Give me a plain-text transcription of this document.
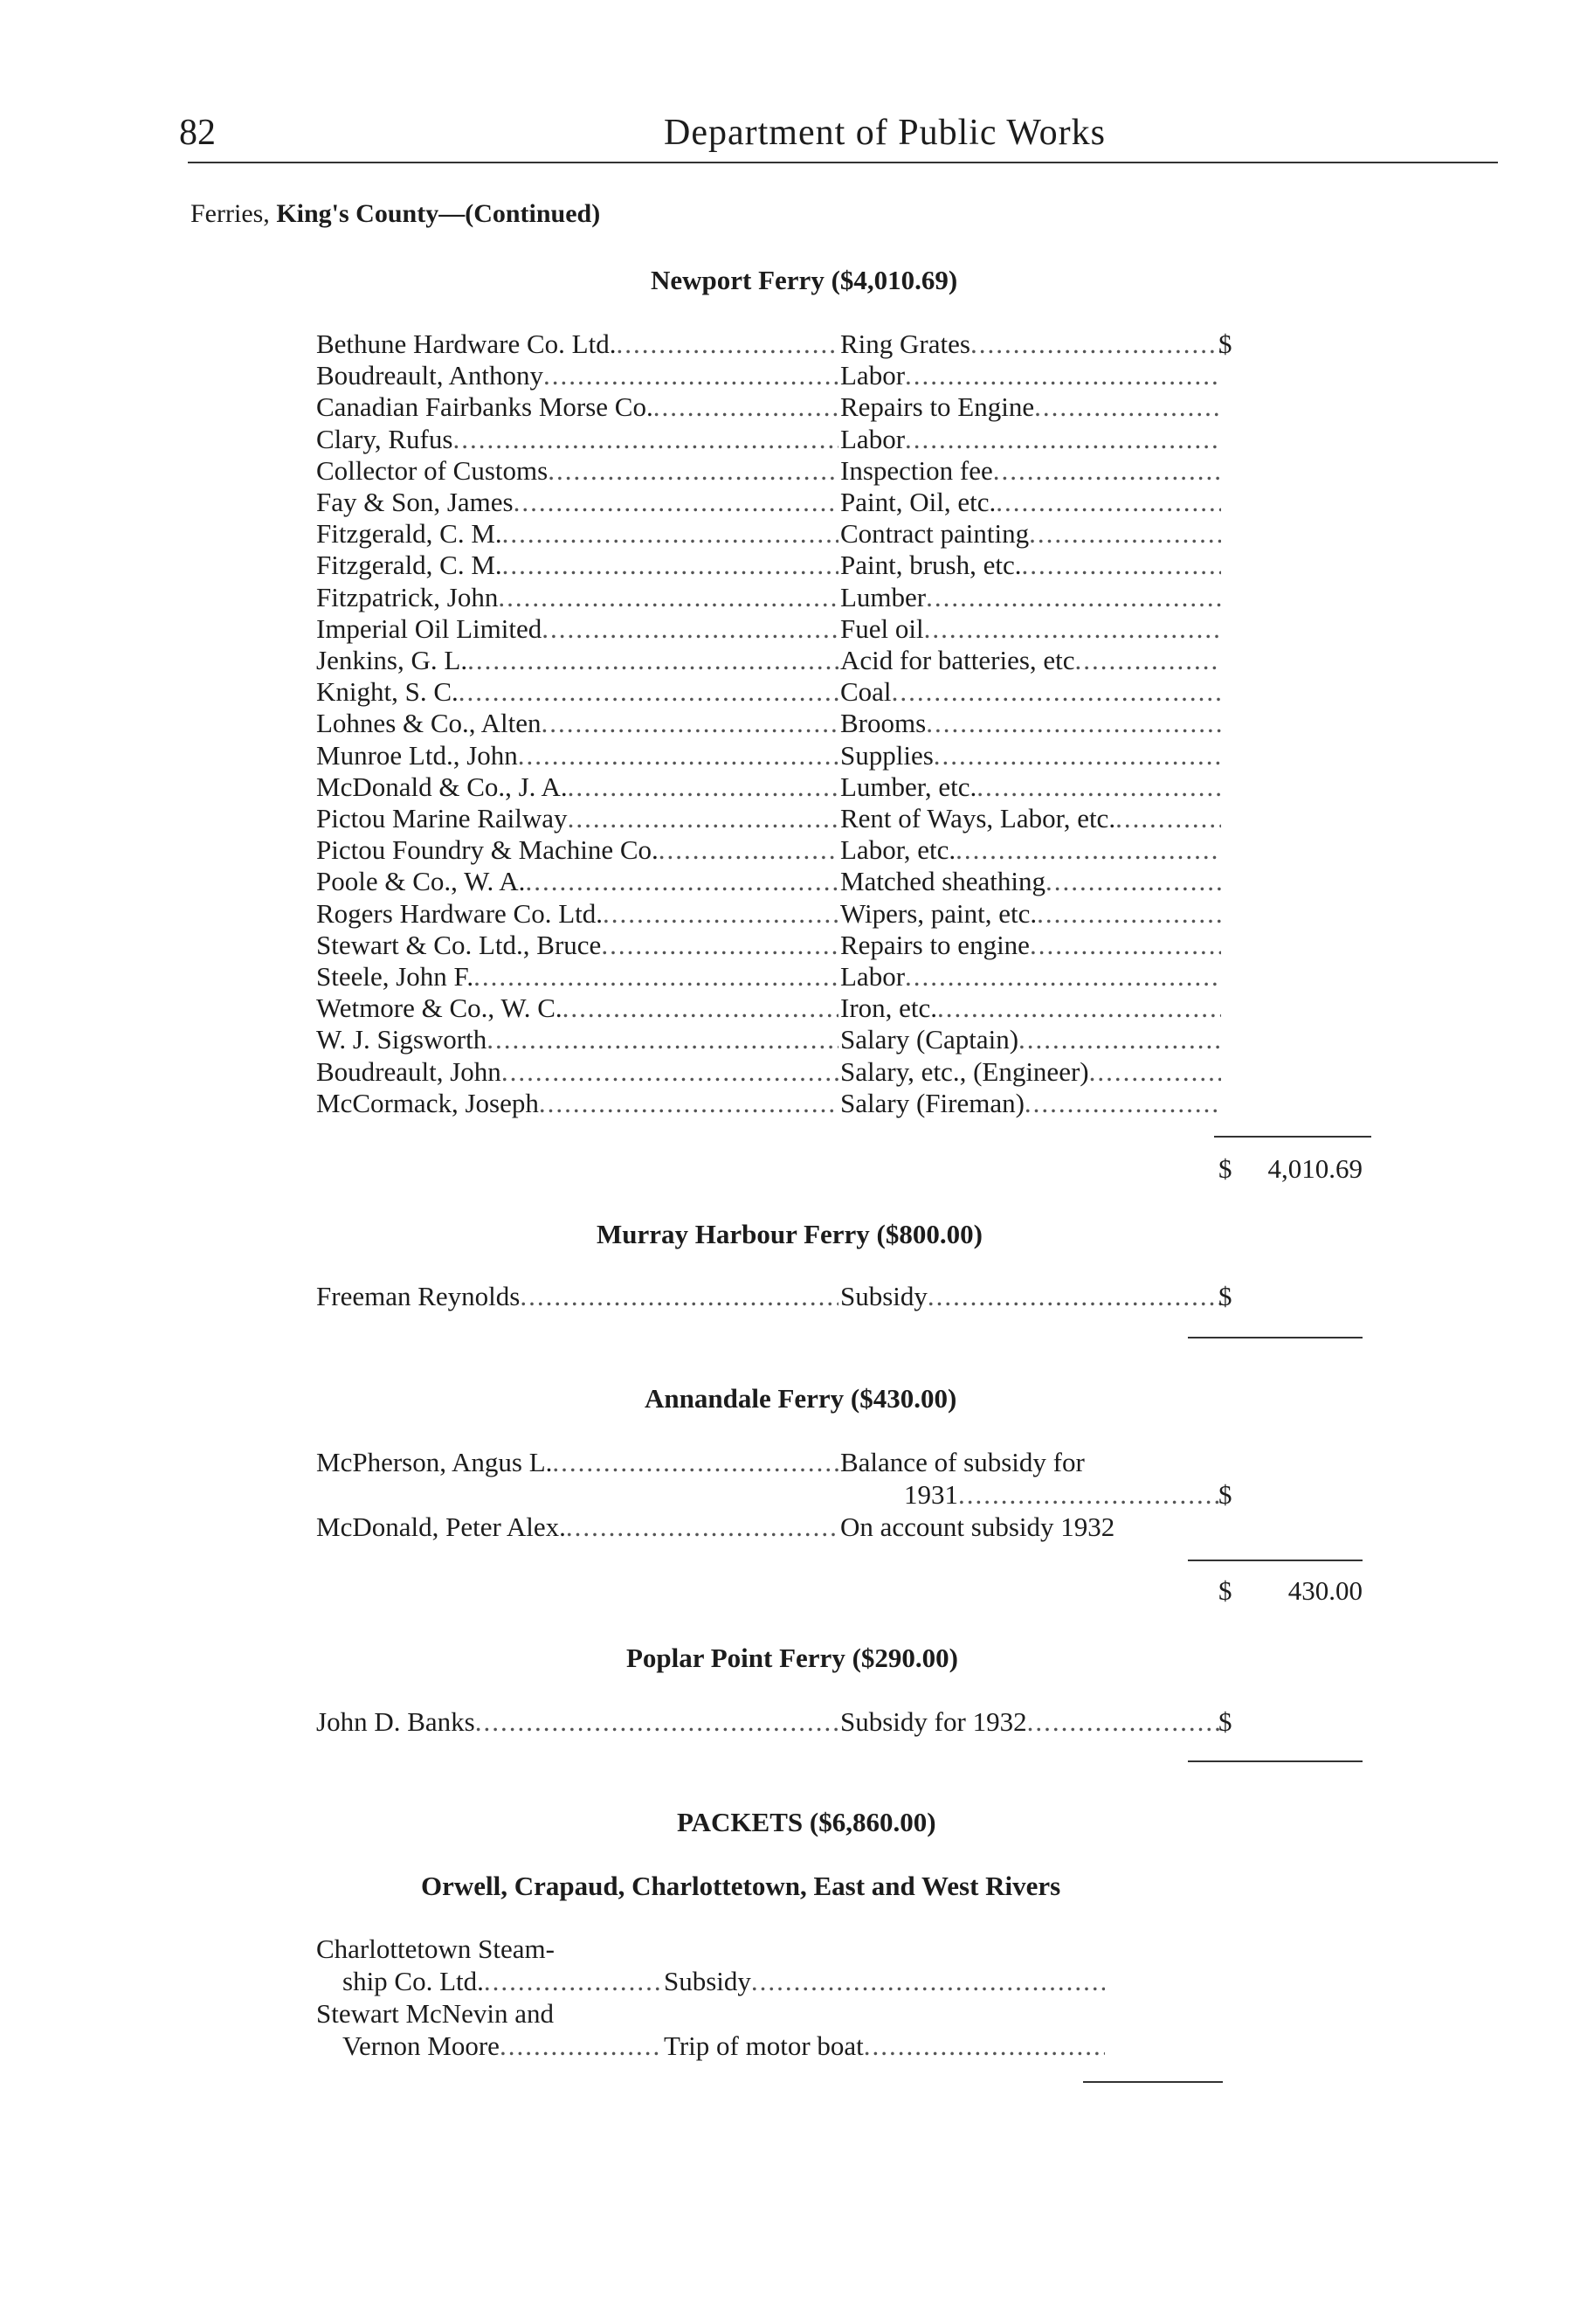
82	Department of Public Works
Ferries, King's County—(Continued)
Newport Ferry ($4,010.69)
Bethune Hardware Co. Ltd. .....	Ring Grates .....	$
Boudreault, Anthony .....	Labor
.....
Canadian Fairbanks Morse Co. .....	Repairs to Engine
.....
Clary, Rufus .....	Labor
.....
Collector of Customs .....	Inspection fee
.....
Fay & Son, James .....	Paint, Oil, etc.
.....
Fitzgerald, C. M. .....	Contract painting
.....
Fitzgerald, C. M. .....	Paint, brush, etc.
.....
Fitzpatrick, John .....	Lumber
.....
Imperial Oil Limited .....	Fuel oil
.....
Jenkins, G. L. .....	Acid for batteries, etc
.....
Knight, S. C. .....	Coal
.....
Lohnes & Co., Alten .....	Brooms
.....
Munroe Ltd., John .....	Supplies
.....
McDonald & Co., J. A. .....	Lumber, etc.
.....
Pictou Marine Railway .....	Rent of Ways, Labor, etc.
.....
Pictou Foundry & Machine Co. .....	Labor, etc.
.....
Poole & Co., W. A. .....	Matched sheathing
.....
Rogers Hardware Co. Ltd. .....	Wipers, paint, etc.
.....
Stewart & Co. Ltd., Bruce .....	Repairs to engine
.....
Steele, John F. .....	Labor
.....
Wetmore & Co., W. C. .....	Iron, etc.
.....
W. J. Sigsworth .....	Salary (Captain)
.....
Boudreault, John .....	Salary, etc., (Engineer)
.....
McCormack, Joseph .....	Salary (Fireman)
.....
$ 4,010.69
Murray Harbour Ferry ($800.00)
Freeman Reynolds .....	Subsidy .....	$
Annandale Ferry ($430.00)
McPherson, Angus L. .....	Balance of subsidy for
1931 .....	$
McDonald, Peter Alex. .....	On account subsidy 1932
$ 430.00
Poplar Point Ferry ($290.00)
John D. Banks .....	Subsidy for 1932 .....	$
PACKETS ($6,860.00)
Orwell, Crapaud, Charlottetown, East and West Rivers
Charlottetown Steam-
ship Co. Ltd. .....	Subsidy
.....
Stewart McNevin and
Vernon Moore .....	Trip of motor boat
.....
